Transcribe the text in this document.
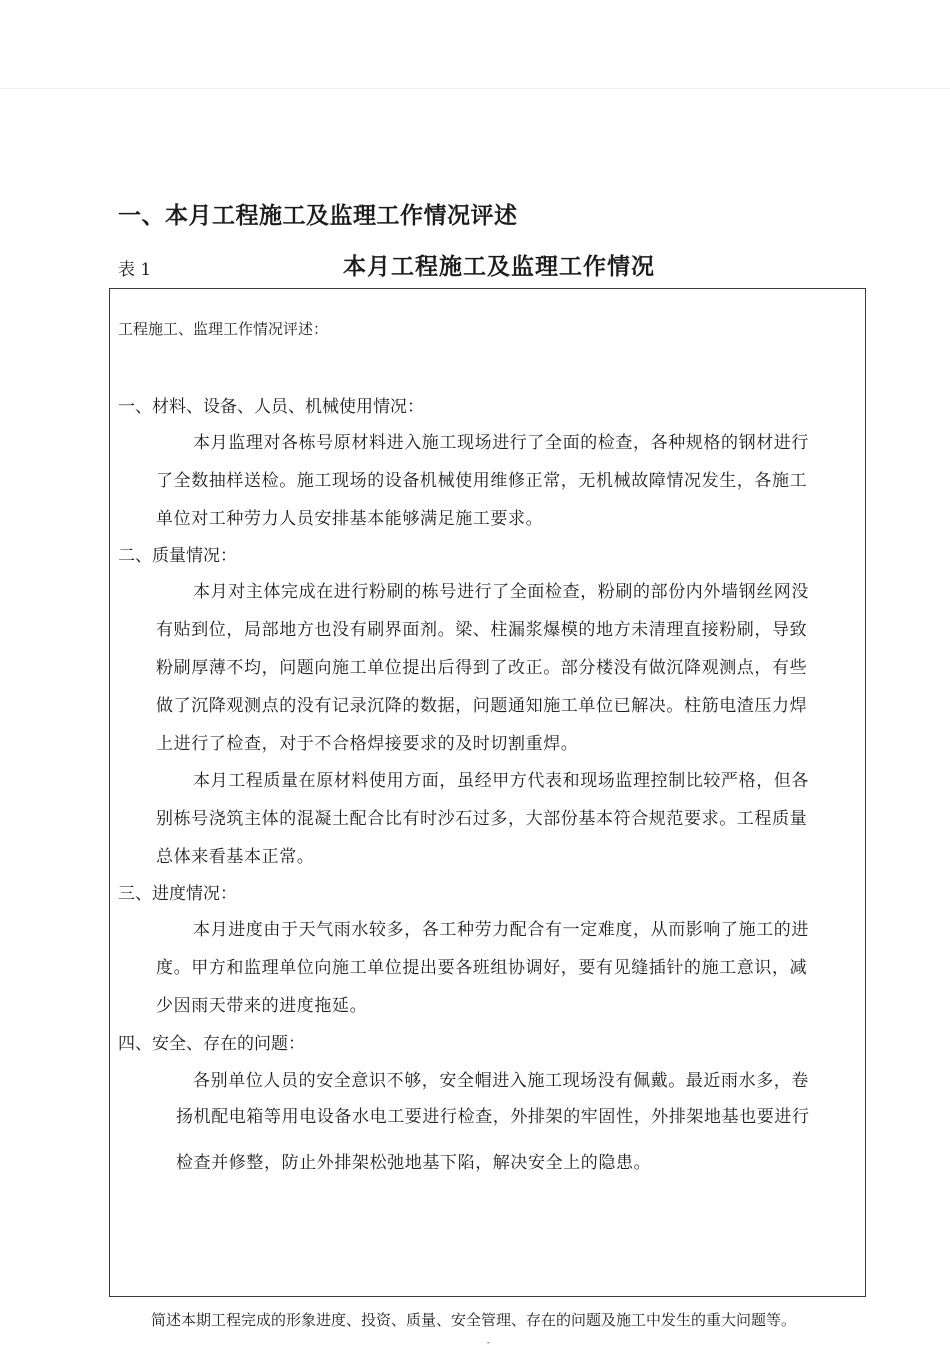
一、本月工程施工及监理工作情况评述
表 1	本月工程施工及监理工作情况
工程施工、监理工作情况评述：
一、材料、设备、人员、机械使用情况：
本月监理对各栋号原材料进入施工现场进行了全面的检查，各种规格的钢材进行
了全数抽样送检。施工现场的设备机械使用维修正常，无机械故障情况发生，各施工
单位对工种劳力人员安排基本能够满足施工要求。
二、质量情况：
本月对主体完成在进行粉刷的栋号进行了全面检查，粉刷的部份内外墙钢丝网没
有贴到位，局部地方也没有刷界面剂。梁、柱漏浆爆模的地方未清理直接粉刷，导致
粉刷厚薄不均，问题向施工单位提出后得到了改正。部分楼没有做沉降观测点，有些
做了沉降观测点的没有记录沉降的数据，问题通知施工单位已解决。柱筋电渣压力焊
上进行了检查，对于不合格焊接要求的及时切割重焊。
本月工程质量在原材料使用方面，虽经甲方代表和现场监理控制比较严格，但各
别栋号浇筑主体的混凝土配合比有时沙石过多，大部份基本符合规范要求。工程质量
总体来看基本正常。
三、进度情况：
本月进度由于天气雨水较多，各工种劳力配合有一定难度，从而影响了施工的进
度。甲方和监理单位向施工单位提出要各班组协调好，要有见缝插针的施工意识，减
少因雨天带来的进度拖延。
四、安全、存在的问题：
各别单位人员的安全意识不够，安全帽进入施工现场没有佩戴。最近雨水多，卷
扬机配电箱等用电设备水电工要进行检查，外排架的牢固性，外排架地基也要进行
检查并修整，防止外排架松弛地基下陷，解决安全上的隐患。
简述本期工程完成的形象进度、投资、质量、安全管理、存在的问题及施工中发生的重大问题等。
-
